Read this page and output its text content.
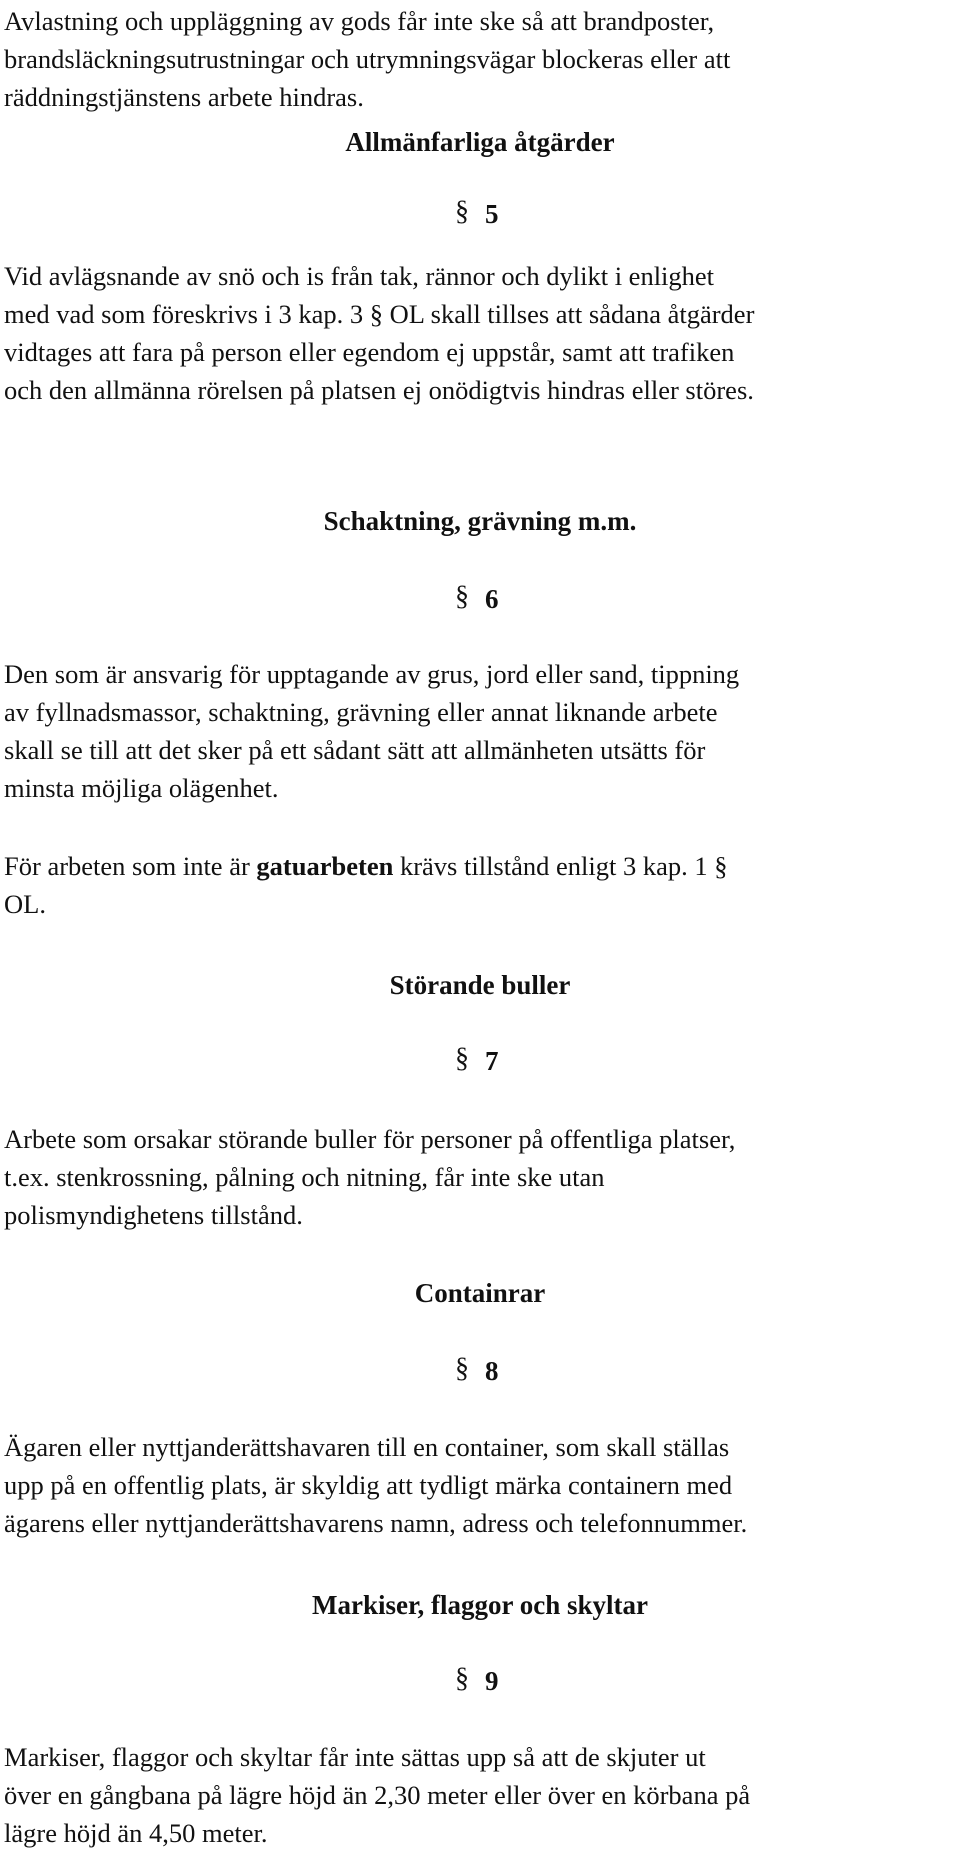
Avlastning och uppläggning av gods får inte ske så att brandposter,
brandsläckningsutrustningar och utrymningsvägar blockeras eller att
räddningstjänstens arbete hindras.
Allmänfarliga åtgärder
§ 5
Vid avlägsnande av snö och is från tak, rännor och dylikt i enlighet
med vad som föreskrivs i 3 kap. 3 § OL skall tillses att sådana åtgärder
vidtages att fara på person eller egendom ej uppstår, samt att trafiken
och den allmänna rörelsen på platsen ej onödigtvis hindras eller störes.
Schaktning, grävning m.m.
§ 6
Den som är ansvarig för upptagande av grus, jord eller sand, tippning
av fyllnadsmassor, schaktning, grävning eller annat liknande arbete
skall se till att det sker på ett sådant sätt att allmänheten utsätts för
minsta möjliga olägenhet.
För arbeten som inte är gatuarbeten krävs tillstånd enligt 3 kap. 1 §
OL.
Störande buller
§ 7
Arbete som orsakar störande buller för personer på offentliga platser,
t.ex. stenkrossning, pålning och nitning, får inte ske utan
polismyndighetens tillstånd.
Containrar
§ 8
Ägaren eller nyttjanderättshavaren till en container, som skall ställas
upp på en offentlig plats, är skyldig att tydligt märka containern med
ägarens eller nyttjanderättshavarens namn, adress och telefonnummer.
Markiser, flaggor och skyltar
§ 9
Markiser, flaggor och skyltar får inte sättas upp så att de skjuter ut
över en gångbana på lägre höjd än 2,30 meter eller över en körbana på
lägre höjd än 4,50 meter.
